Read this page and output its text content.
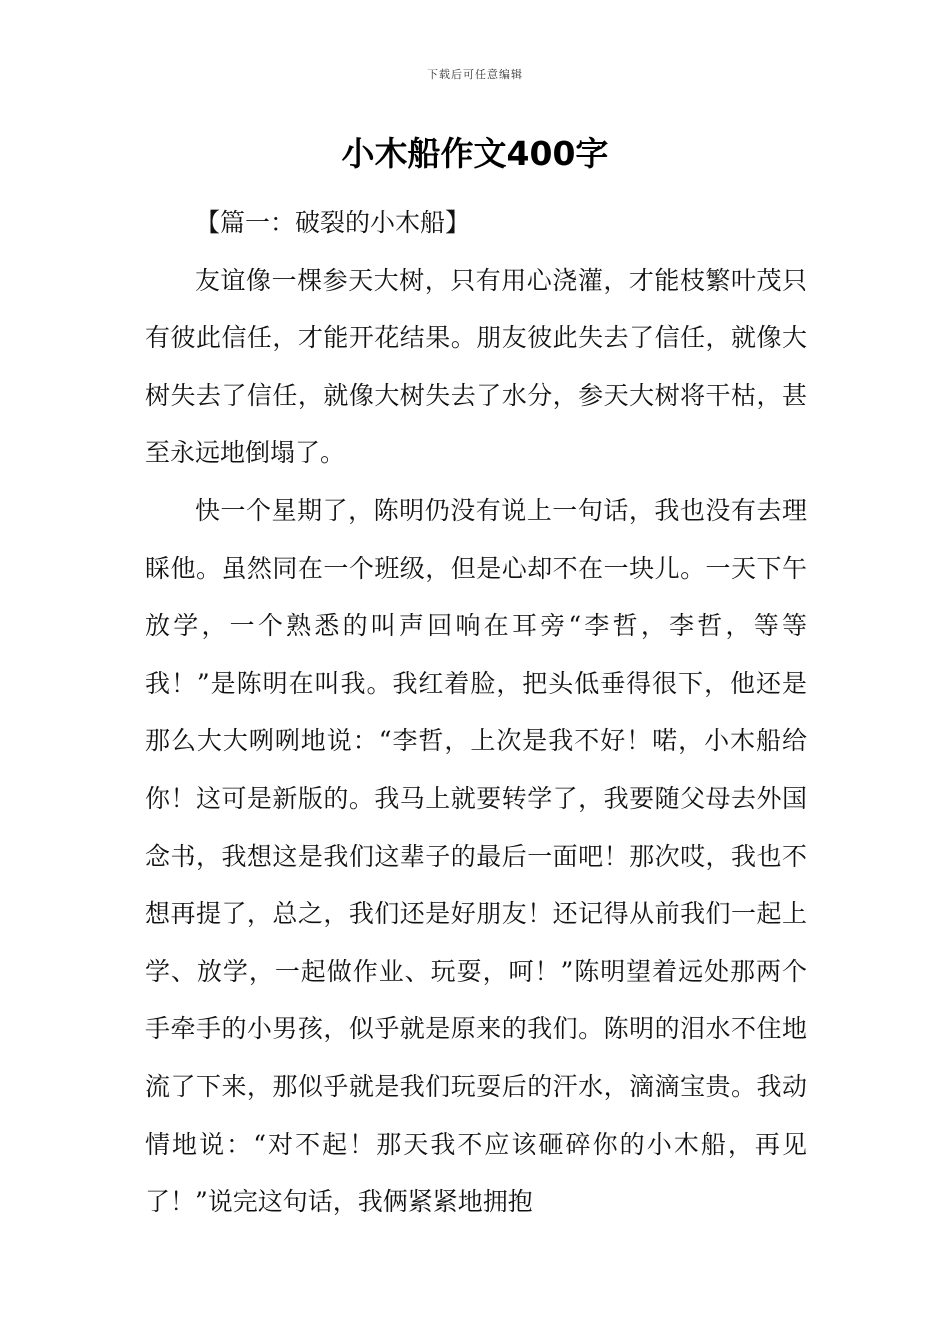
下载后可任意编辑
小木船作文400字

【篇一：破裂的小木船】

友谊像一棵参天大树，只有用心浇灌，才能枝繁叶茂只有彼此信任，才能开花结果。朋友彼此失去了信任，就像大树失去了信任，就像大树失去了水分，参天大树将干枯，甚至永远地倒塌了。

快一个星期了，陈明仍没有说上一句话，我也没有去理睬他。虽然同在一个班级，但是心却不在一块儿。一天下午放学，一个熟悉的叫声回响在耳旁“李哲，李哲，等等我！”是陈明在叫我。我红着脸，把头低垂得很下，他还是那么大大咧咧地说：“李哲，上次是我不好！喏，小木船给你！这可是新版的。我马上就要转学了，我要随父母去外国念书，我想这是我们这辈子的最后一面吧！那次哎，我也不想再提了，总之，我们还是好朋友！还记得从前我们一起上学、放学，一起做作业、玩耍，呵！”陈明望着远处那两个手牵手的小男孩，似乎就是原来的我们。陈明的泪水不住地流了下来，那似乎就是我们玩耍后的汗水，滴滴宝贵。我动情地说：“对不起！那天我不应该砸碎你的小木船，再见了！”说完这句话，我俩紧紧地拥抱
